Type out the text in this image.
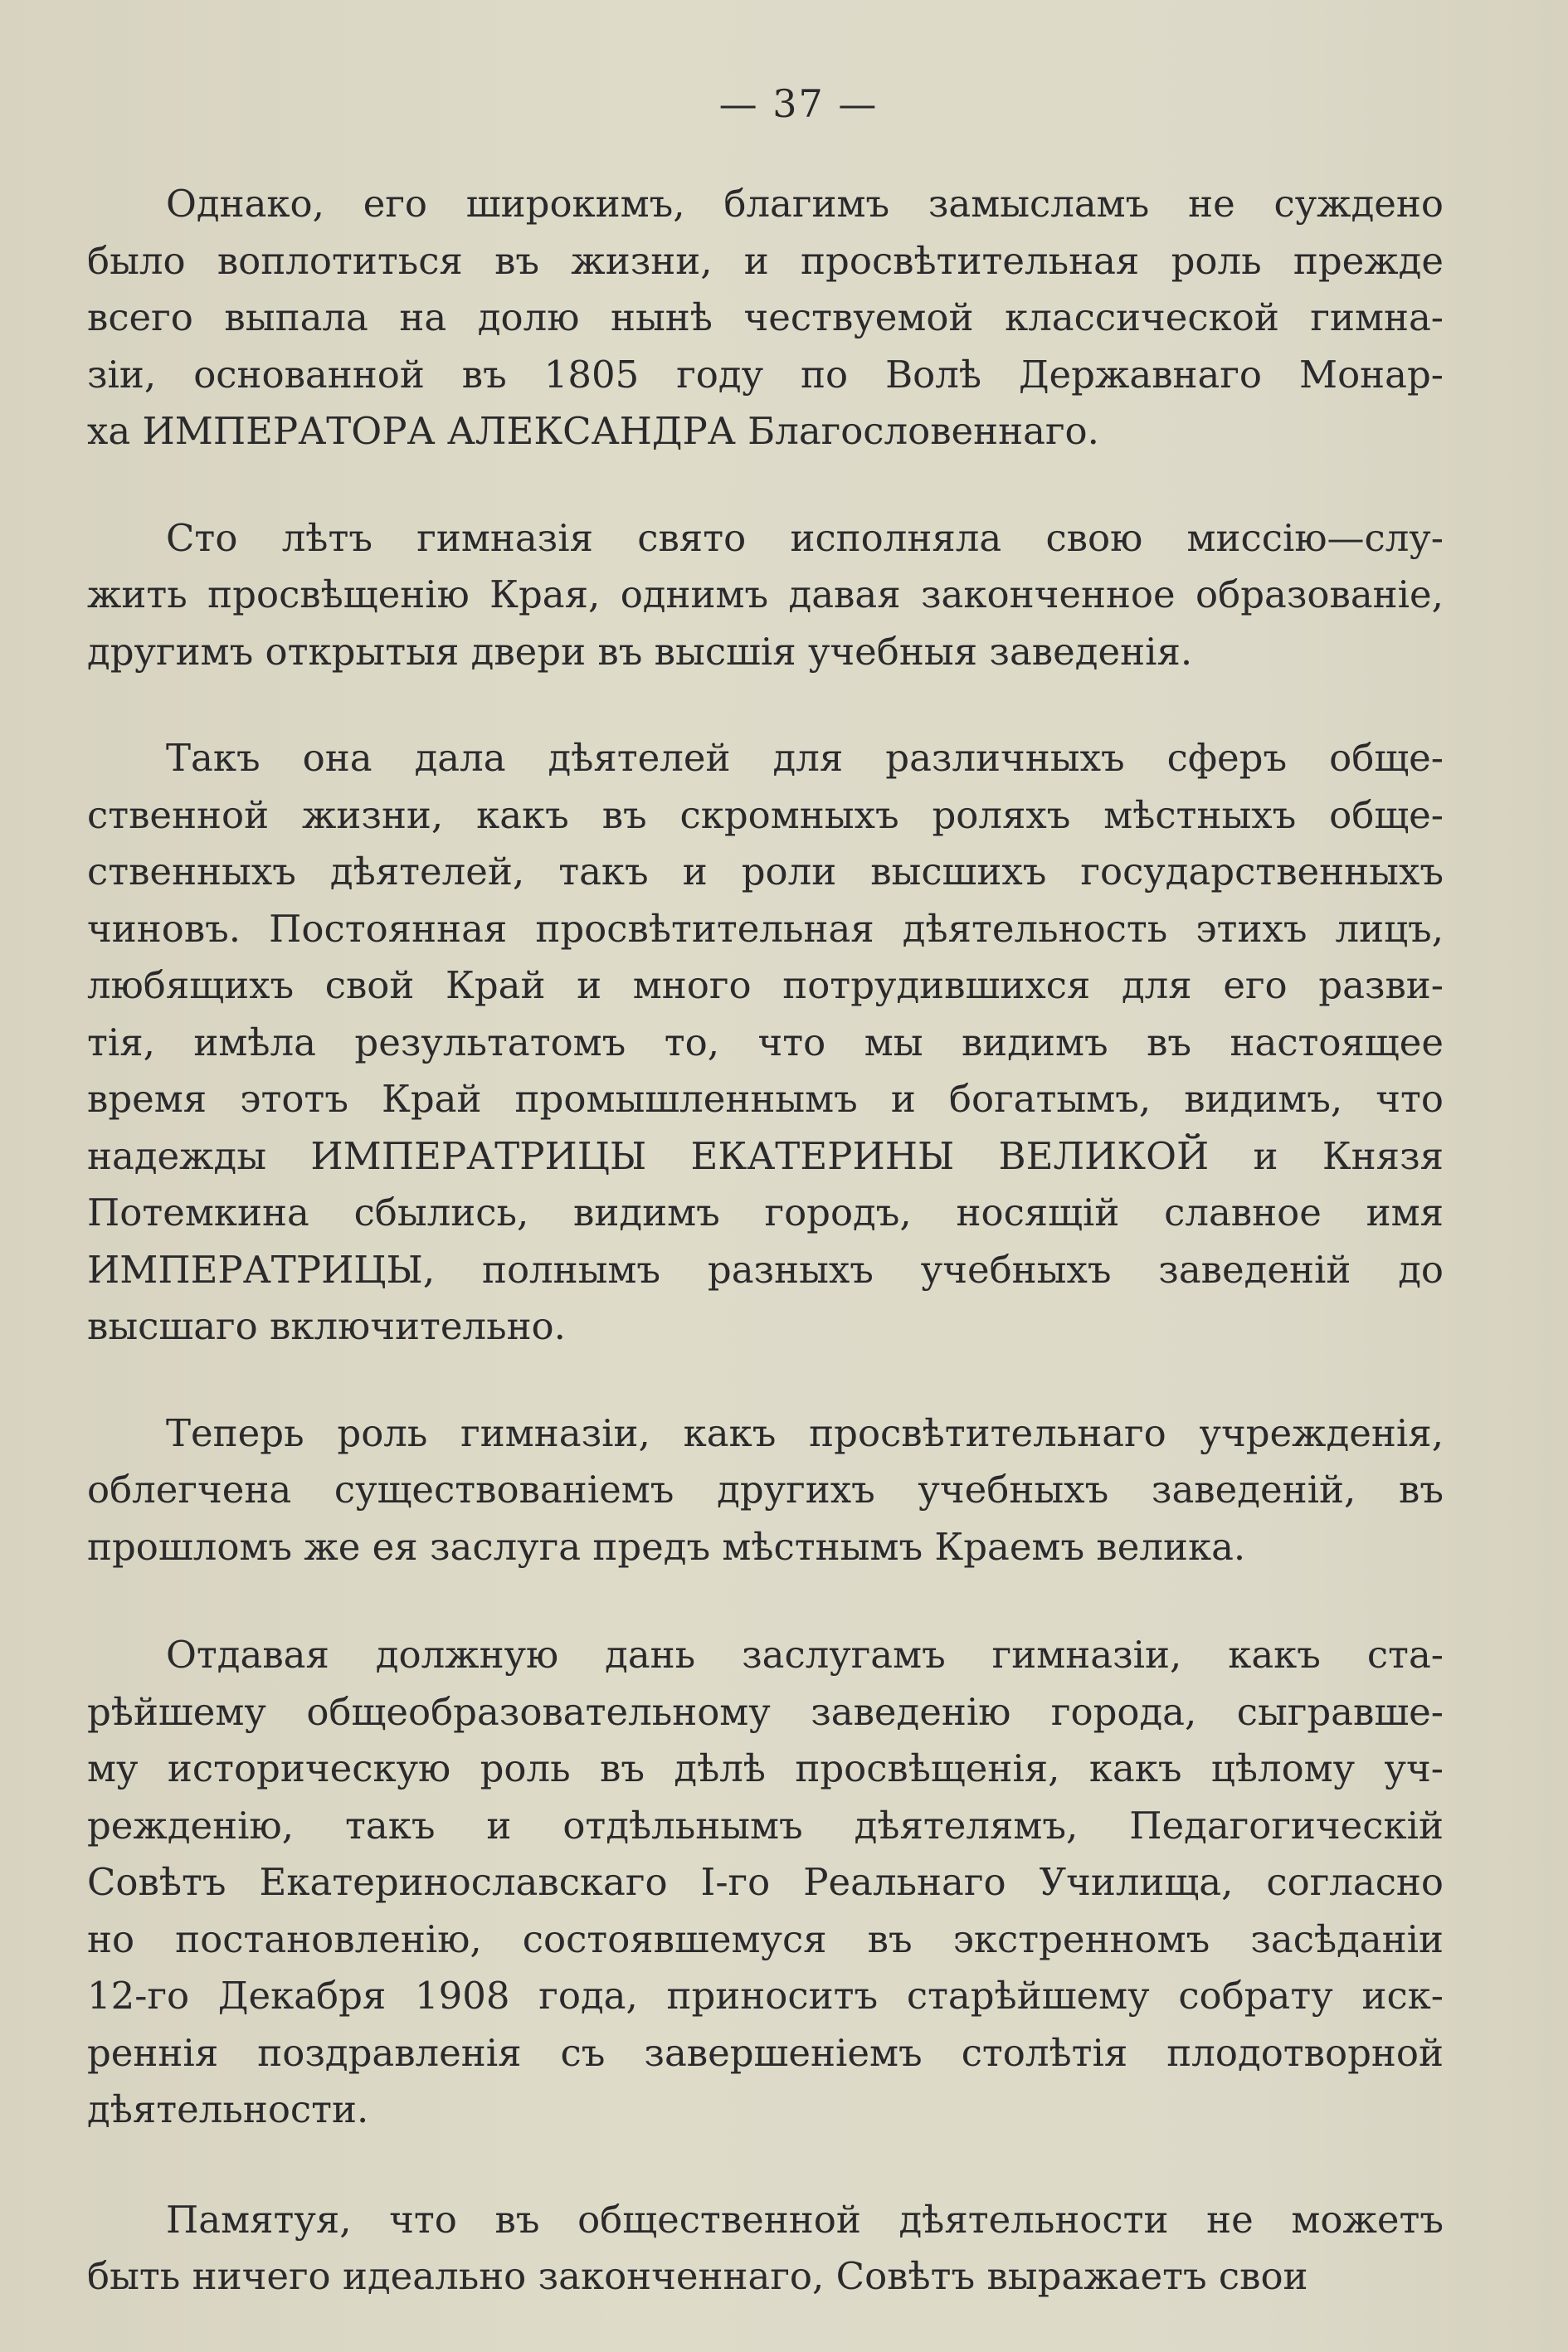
— 37 —
Однако, его широкимъ, благимъ замысламъ не суждено
было воплотиться въ жизни, и просвѣтительная роль прежде
всего выпала на долю нынѣ чествуемой классической гимна-
зіи, основанной въ 1805 году по Волѣ Державнаго Монар-
ха ИМПЕРАТОРА АЛЕКСАНДРА Благословеннаго.
Сто лѣтъ гимназія свято исполняла свою миссію—слу-
жить просвѣщенію Края, однимъ давая законченное образованіе,
другимъ открытыя двери въ высшія учебныя заведенія.
Такъ она дала дѣятелей для различныхъ сферъ обще-
ственной жизни, какъ въ скромныхъ роляхъ мѣстныхъ обще-
ственныхъ дѣятелей, такъ и роли высшихъ государственныхъ
чиновъ. Постоянная просвѣтительная дѣятельность этихъ лицъ,
любящихъ свой Край и много потрудившихся для его разви-
тія, имѣла результатомъ то, что мы видимъ въ настоящее
время этотъ Край промышленнымъ и богатымъ, видимъ, что
надежды ИМПЕРАТРИЦЫ ЕКАТЕРИНЫ ВЕЛИКОЙ и Князя
Потемкина сбылись, видимъ городъ, носящій славное имя
ИМПЕРАТРИЦЫ, полнымъ разныхъ учебныхъ заведеній до
высшаго включительно.
Теперь роль гимназіи, какъ просвѣтительнаго учрежденія,
облегчена существованіемъ другихъ учебныхъ заведеній, въ
прошломъ же ея заслуга предъ мѣстнымъ Краемъ велика.
Отдавая должную дань заслугамъ гимназіи, какъ ста-
рѣйшему общеобразовательному заведенію города, сыгравше-
му историческую роль въ дѣлѣ просвѣщенія, какъ цѣлому уч-
режденію, такъ и отдѣльнымъ дѣятелямъ, Педагогическій
Совѣтъ Екатеринославскаго І-го Реальнаго Училища, согласно
но постановленію, состоявшемуся въ экстренномъ засѣданіи
12-го Декабря 1908 года, приноситъ старѣйшему собрату иск-
реннія поздравленія съ завершеніемъ столѣтія плодотворной
дѣятельности.
Памятуя, что въ общественной дѣятельности не можетъ
быть ничего идеально законченнаго, Совѣтъ выражаетъ свои
